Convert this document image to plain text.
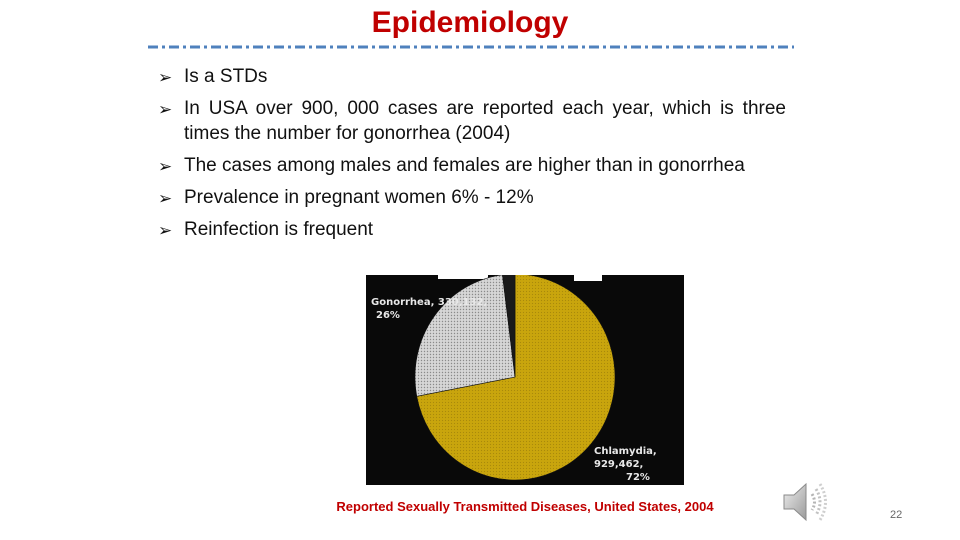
Epidemiology
➢ Is a STDs
➢ In USA over 900, 000 cases are reported each year, which is three times the number for gonorrhea (2004)
➢ The cases among males and females are higher than in gonorrhea
➢ Prevalence in pregnant women 6% - 12%
➢ Reinfection is frequent
Gonorrhea, 330,132,
26%
Chlamydia, 929,462,
72%
Reported Sexually Transmitted Diseases, United States, 2004
22
